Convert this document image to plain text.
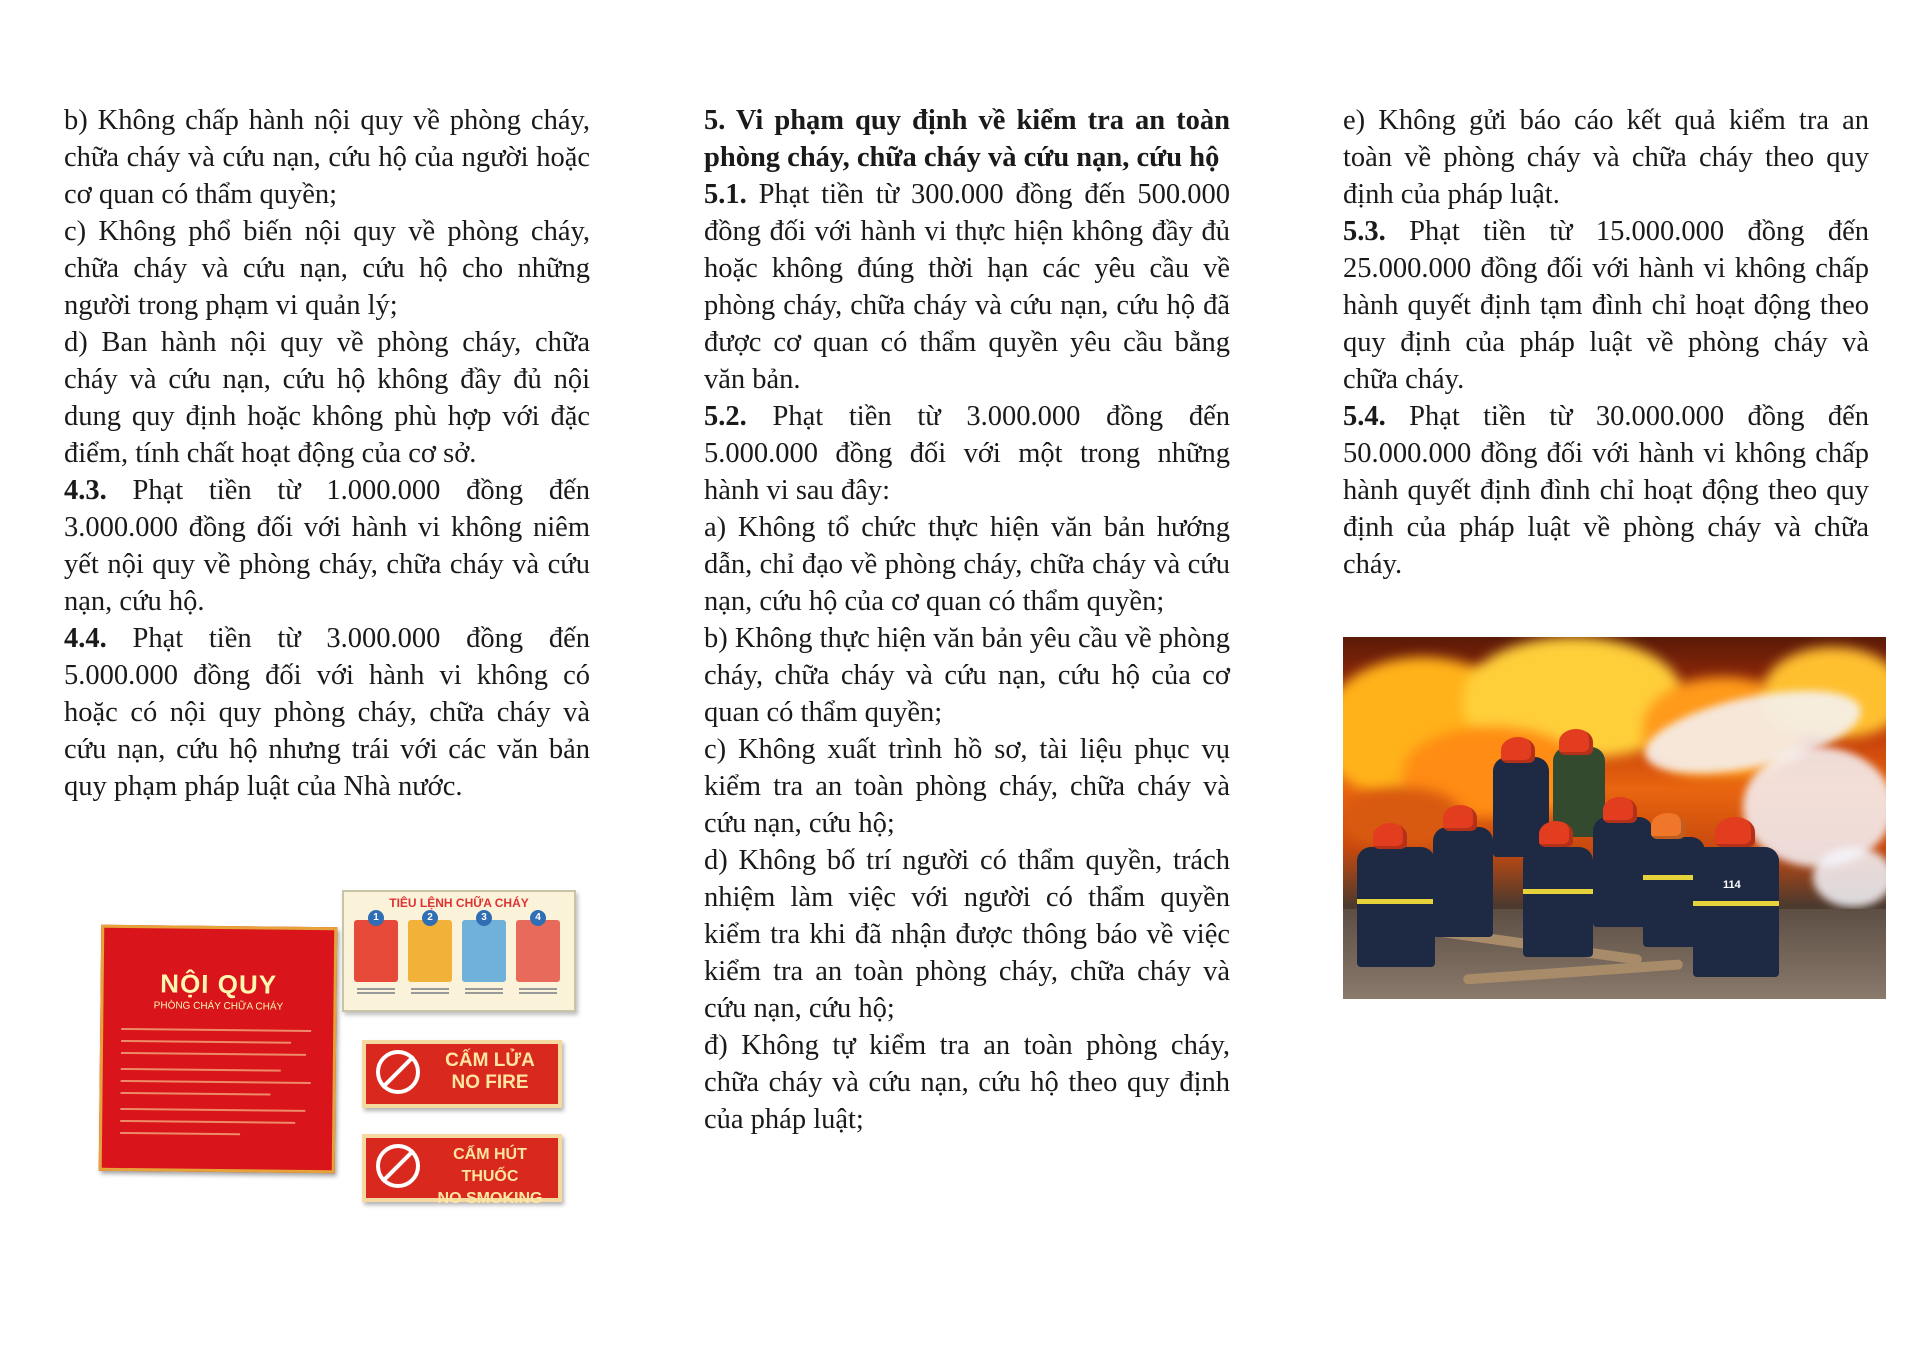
b) Không chấp hành nội quy về phòng cháy, chữa cháy và cứu nạn, cứu hộ của người hoặc cơ quan có thẩm quyền;

c) Không phổ biến nội quy về phòng cháy, chữa cháy và cứu nạn, cứu hộ cho những người trong phạm vi quản lý;

d) Ban hành nội quy về phòng cháy, chữa cháy và cứu nạn, cứu hộ không đầy đủ nội dung quy định hoặc không phù hợp với đặc điểm, tính chất hoạt động của cơ sở.

4.3. Phạt tiền từ 1.000.000 đồng đến 3.000.000 đồng đối với hành vi không niêm yết nội quy về phòng cháy, chữa cháy và cứu nạn, cứu hộ.

4.4. Phạt tiền từ 3.000.000 đồng đến 5.000.000 đồng đối với hành vi không có hoặc có nội quy phòng cháy, chữa cháy và cứu nạn, cứu hộ nhưng trái với các văn bản quy phạm pháp luật của Nhà nước.

NỘI QUY
PHÒNG CHÁY CHỮA CHÁY
TIÊU LỆNH CHỮA CHÁY
1	2	3	4
CẤM LỬA
NO FIRE
CẤM HÚT THUỐC
NO SMOKING

5. Vi phạm quy định về kiểm tra an toàn phòng cháy, chữa cháy và cứu nạn, cứu hộ

5.1. Phạt tiền từ 300.000 đồng đến 500.000 đồng đối với hành vi thực hiện không đầy đủ hoặc không đúng thời hạn các yêu cầu về phòng cháy, chữa cháy và cứu nạn, cứu hộ đã được cơ quan có thẩm quyền yêu cầu bằng văn bản.

5.2. Phạt tiền từ 3.000.000 đồng đến 5.000.000 đồng đối với một trong những hành vi sau đây:

a) Không tổ chức thực hiện văn bản hướng dẫn, chỉ đạo về phòng cháy, chữa cháy và cứu nạn, cứu hộ của cơ quan có thẩm quyền;

b) Không thực hiện văn bản yêu cầu về phòng cháy, chữa cháy và cứu nạn, cứu hộ của cơ quan có thẩm quyền;

c) Không xuất trình hồ sơ, tài liệu phục vụ kiểm tra an toàn phòng cháy, chữa cháy và cứu nạn, cứu hộ;

d) Không bố trí người có thẩm quyền, trách nhiệm làm việc với người có thẩm quyền kiểm tra khi đã nhận được thông báo về việc kiểm tra an toàn phòng cháy, chữa cháy và cứu nạn, cứu hộ;

đ) Không tự kiểm tra an toàn phòng cháy, chữa cháy và cứu nạn, cứu hộ theo quy định của pháp luật;

e) Không gửi báo cáo kết quả kiểm tra an toàn về phòng cháy và chữa cháy theo quy định của pháp luật.

5.3. Phạt tiền từ 15.000.000 đồng đến 25.000.000 đồng đối với hành vi không chấp hành quyết định tạm đình chỉ hoạt động theo quy định của pháp luật về phòng cháy và chữa cháy.

5.4. Phạt tiền từ 30.000.000 đồng đến 50.000.000 đồng đối với hành vi không chấp hành quyết định đình chỉ hoạt động theo quy định của pháp luật về phòng cháy và chữa cháy.

114
